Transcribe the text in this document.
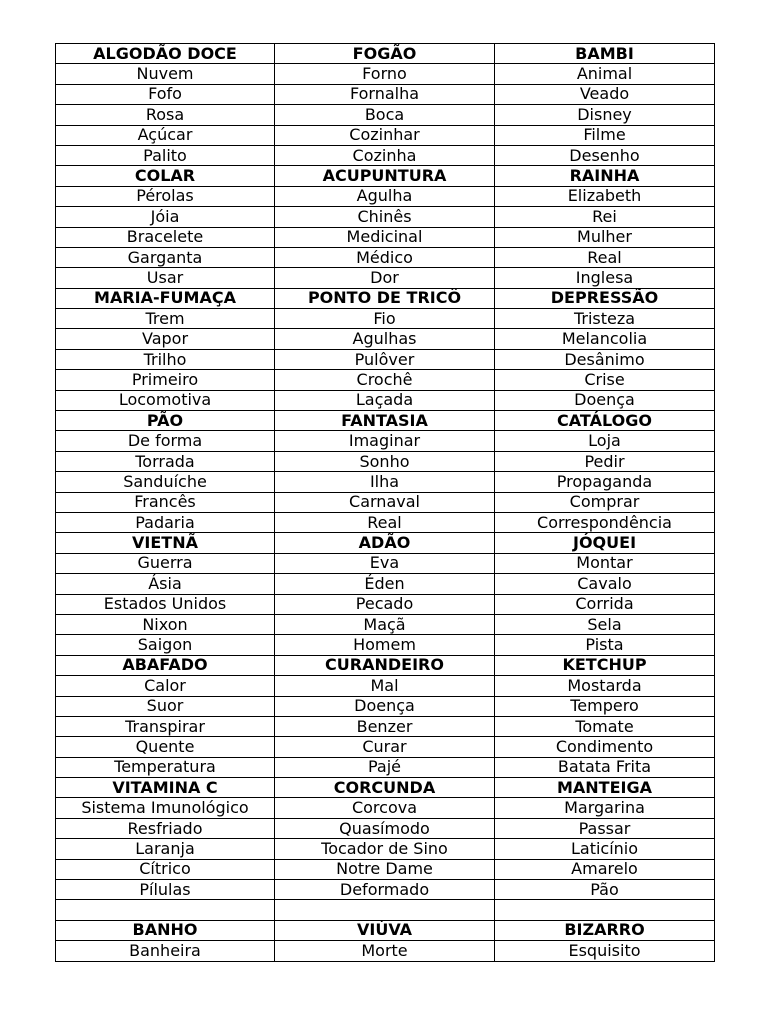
ALGODÃO DOCE	FOGÃO	BAMBI
Nuvem	Forno	Animal
Fofo	Fornalha	Veado
Rosa	Boca	Disney
Açúcar	Cozinhar	Filme
Palito	Cozinha	Desenho
COLAR	ACUPUNTURA	RAINHA
Pérolas	Agulha	Elizabeth
Jóia	Chinês	Rei
Bracelete	Medicinal	Mulher
Garganta	Médico	Real
Usar	Dor	Inglesa
MARIA-FUMAÇA	PONTO DE TRICÔ	DEPRESSÃO
Trem	Fio	Tristeza
Vapor	Agulhas	Melancolia
Trilho	Pulôver	Desânimo
Primeiro	Crochê	Crise
Locomotiva	Laçada	Doença
PÃO	FANTASIA	CATÁLOGO
De forma	Imaginar	Loja
Torrada	Sonho	Pedir
Sanduíche	Ilha	Propaganda
Francês	Carnaval	Comprar
Padaria	Real	Correspondência
VIETNÃ	ADÃO	JÓQUEI
Guerra	Eva	Montar
Ásia	Éden	Cavalo
Estados Unidos	Pecado	Corrida
Nixon	Maçã	Sela
Saigon	Homem	Pista
ABAFADO	CURANDEIRO	KETCHUP
Calor	Mal	Mostarda
Suor	Doença	Tempero
Transpirar	Benzer	Tomate
Quente	Curar	Condimento
Temperatura	Pajé	Batata Frita
VITAMINA C	CORCUNDA	MANTEIGA
Sistema Imunológico	Corcova	Margarina
Resfriado	Quasímodo	Passar
Laranja	Tocador de Sino	Laticínio
Cítrico	Notre Dame	Amarelo
Pílulas	Deformado	Pão

BANHO	VIÚVA	BIZARRO
Banheira	Morte	Esquisito
